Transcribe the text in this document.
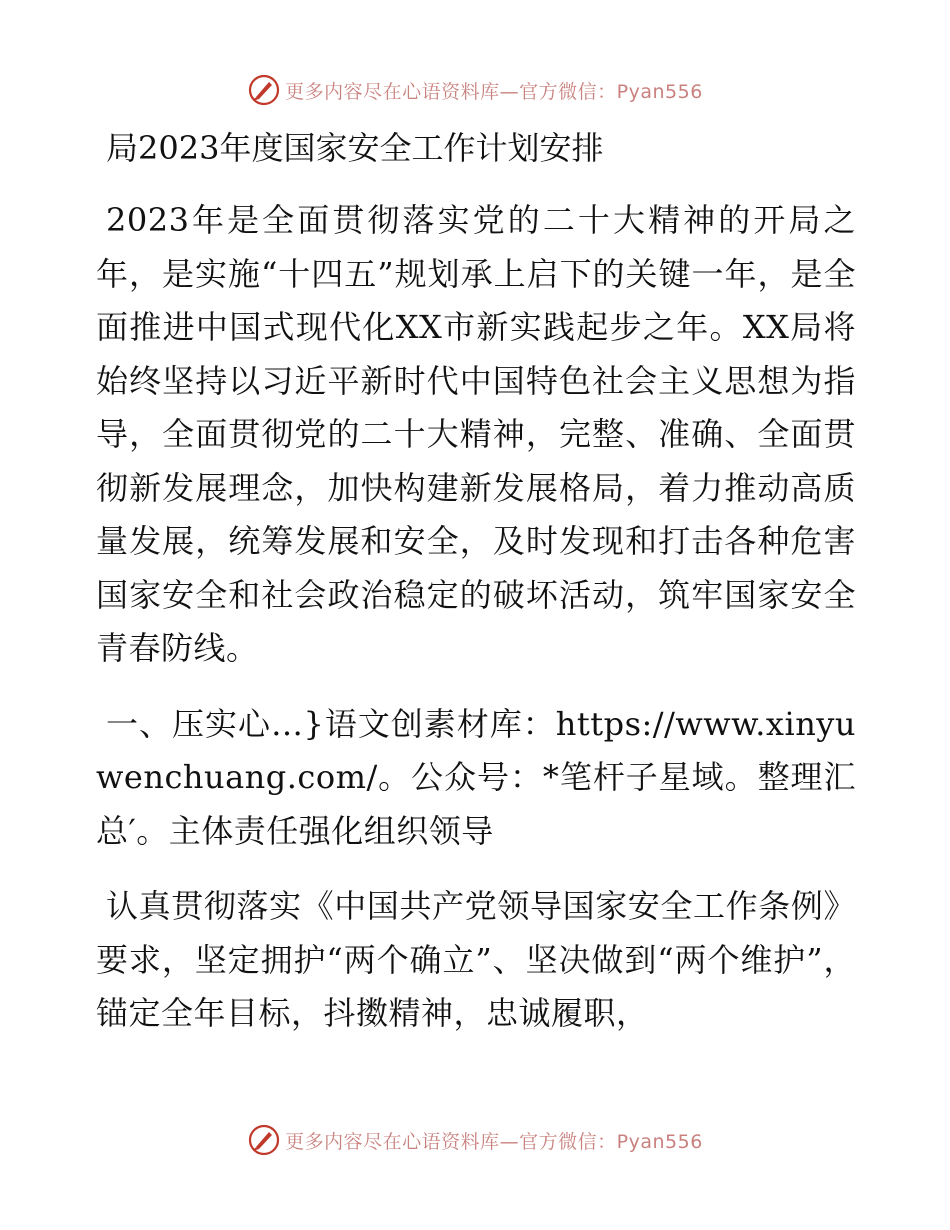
更多内容尽在心语资料库—官方微信：Pyan556
局2023年度国家安全工作计划安排

2023年是全面贯彻落实党的二十大精神的开局之年，是实施“十四五”规划承上启下的关键一年，是全面推进中国式现代化XX市新实践起步之年。XX局将始终坚持以习近平新时代中国特色社会主义思想为指导，全面贯彻党的二十大精神，完整、准确、全面贯彻新发展理念，加快构建新发展格局，着力推动高质量发展，统筹发展和安全，及时发现和打击各种危害国家安全和社会政治稳定的破坏活动，筑牢国家安全青春防线。

一、压实心…}语文创素材库：https://www.xinyuwenchuang.com/。公众号：*笔杆子星域。整理汇总′。主体责任强化组织领导

认真贯彻落实《中国共产党领导国家安全工作条例》要求，坚定拥护“两个确立”、坚决做到“两个维护”，锚定全年目标，抖擞精神，忠诚履职，

更多内容尽在心语资料库—官方微信：Pyan556
